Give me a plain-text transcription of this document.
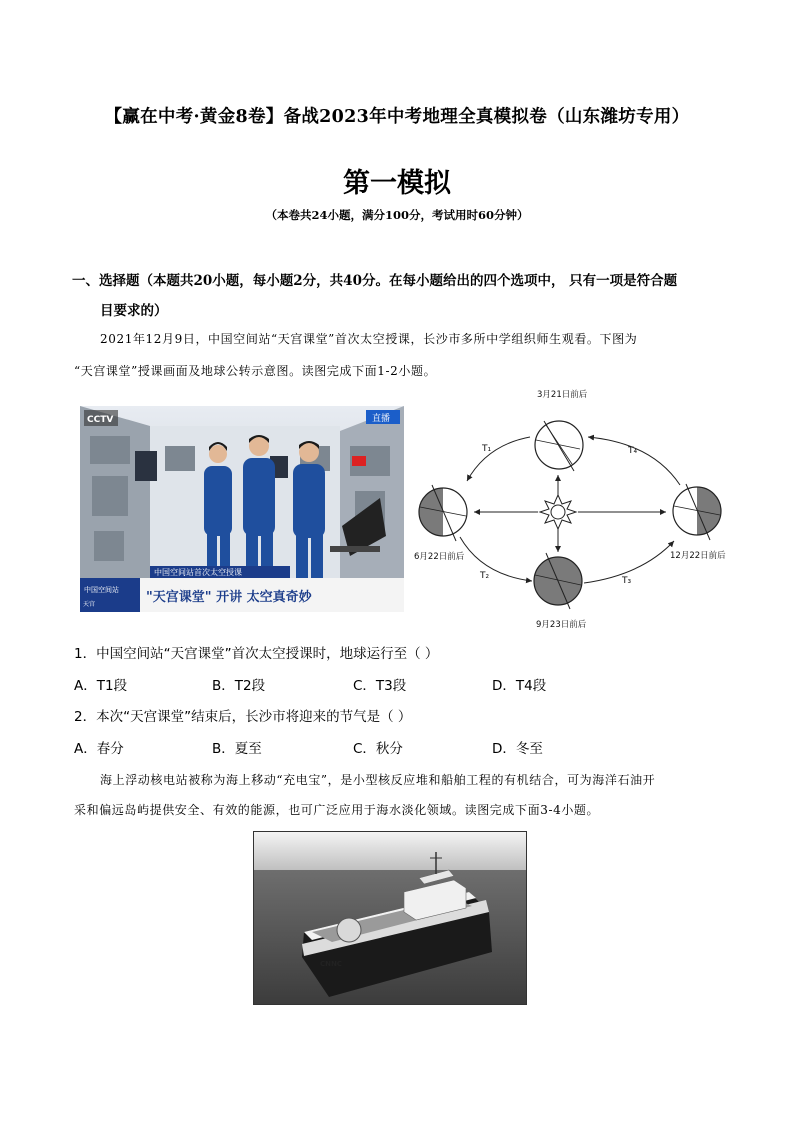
【赢在中考·黄金8卷】备战2023年中考地理全真模拟卷（山东潍坊专用）
第一模拟
（本卷共24小题，满分100分，考试用时60分钟）
一、选择题（本题共20小题，每小题2分，共40分。在每小题给出的四个选项中， 只有一项是符合题
目要求的）
2021年12月9日，中国空间站“天宫课堂”首次太空授课，长沙市多所中学组织师生观看。下图为
“天宫课堂”授课画面及地球公转示意图。读图完成下面1-2小题。
中国空间站首次太空授课
中国空间站
天宫	"天宫课堂" 开讲 太空真奇妙
CCTV	直播
3月21日前后
6月22日前后
9月23日前后
12月22日前后
T₁
T₂	T₃
T₄
1．中国空间站“天宫课堂”首次太空授课时，地球运行至（ ）
A．T1段	B．T2段	C．T3段	D．T4段
2．本次“天宫课堂”结束后，长沙市将迎来的节气是（ ）
A．春分	B．夏至	C．秋分	D．冬至
海上浮动核电站被称为海上移动“充电宝”，是小型核反应堆和船舶工程的有机结合，可为海洋石油开
采和偏远岛屿提供安全、有效的能源，也可广泛应用于海水淡化领域。读图完成下面3-4小题。
CNNC
